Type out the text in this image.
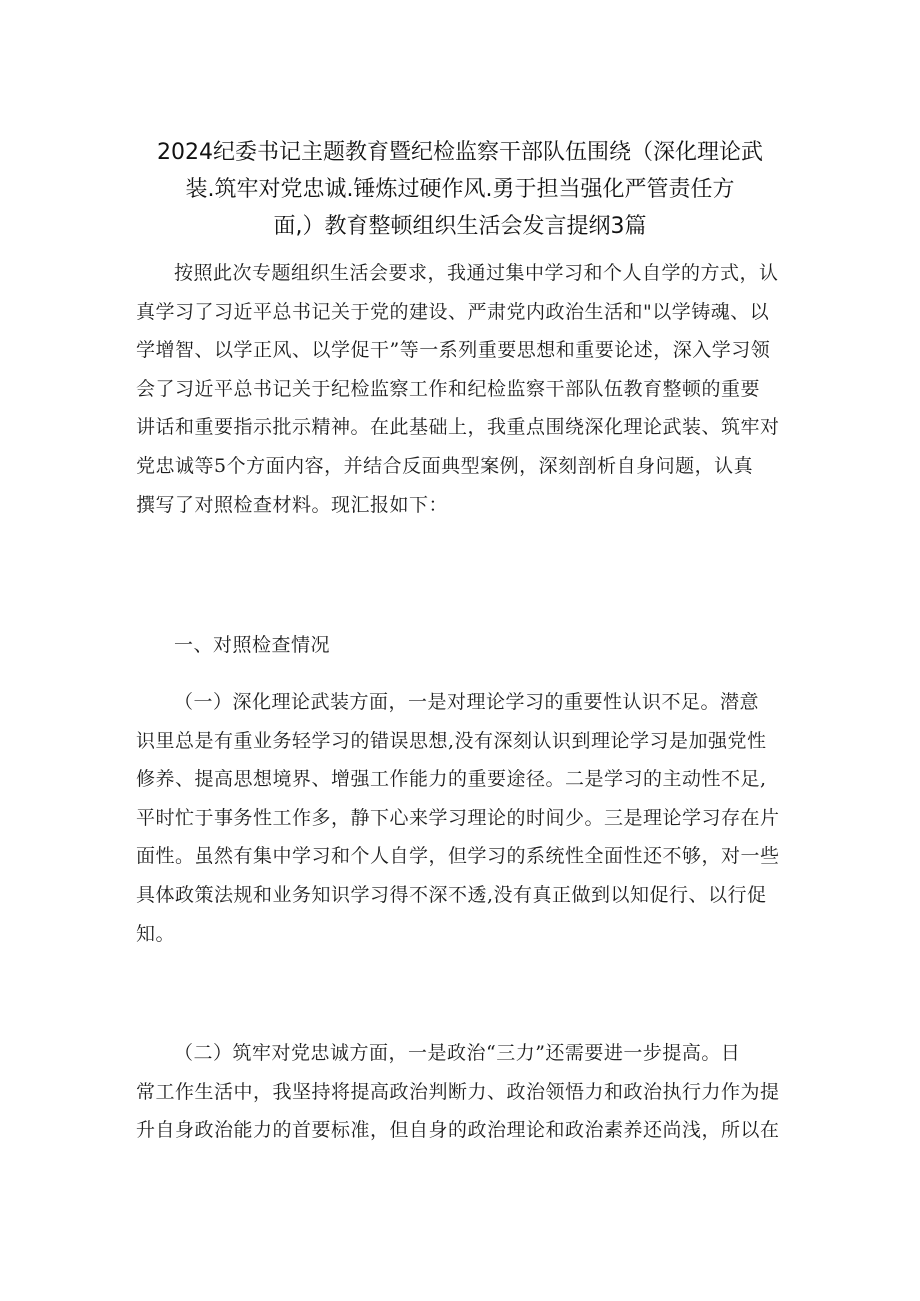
2024纪委书记主题教育暨纪检监察干部队伍围绕（深化理论武
装.筑牢对党忠诚.锤炼过硬作风.勇于担当强化严管责任方
面,）教育整顿组织生活会发言提纲3篇
按照此次专题组织生活会要求，我通过集中学习和个人自学的方式，认
真学习了习近平总书记关于党的建设、严肃党内政治生活和"以学铸魂、以
学增智、以学正风、以学促干”等一系列重要思想和重要论述，深入学习领
会了习近平总书记关于纪检监察工作和纪检监察干部队伍教育整顿的重要
讲话和重要指示批示精神。在此基础上，我重点围绕深化理论武装、筑牢对
党忠诚等5个方面内容，并结合反面典型案例，深刻剖析自身问题，认真
撰写了对照检查材料。现汇报如下：
一、对照检查情况
（一）深化理论武装方面，一是对理论学习的重要性认识不足。潜意
识里总是有重业务轻学习的错误思想,没有深刻认识到理论学习是加强党性
修养、提高思想境界、增强工作能力的重要途径。二是学习的主动性不足,
平时忙于事务性工作多，静下心来学习理论的时间少。三是理论学习存在片
面性。虽然有集中学习和个人自学，但学习的系统性全面性还不够，对一些
具体政策法规和业务知识学习得不深不透,没有真正做到以知促行、以行促
知。
（二）筑牢对党忠诚方面，一是政治“三力”还需要进一步提高。日
常工作生活中，我坚持将提高政治判断力、政治领悟力和政治执行力作为提
升自身政治能力的首要标准，但自身的政治理论和政治素养还尚浅，所以在
